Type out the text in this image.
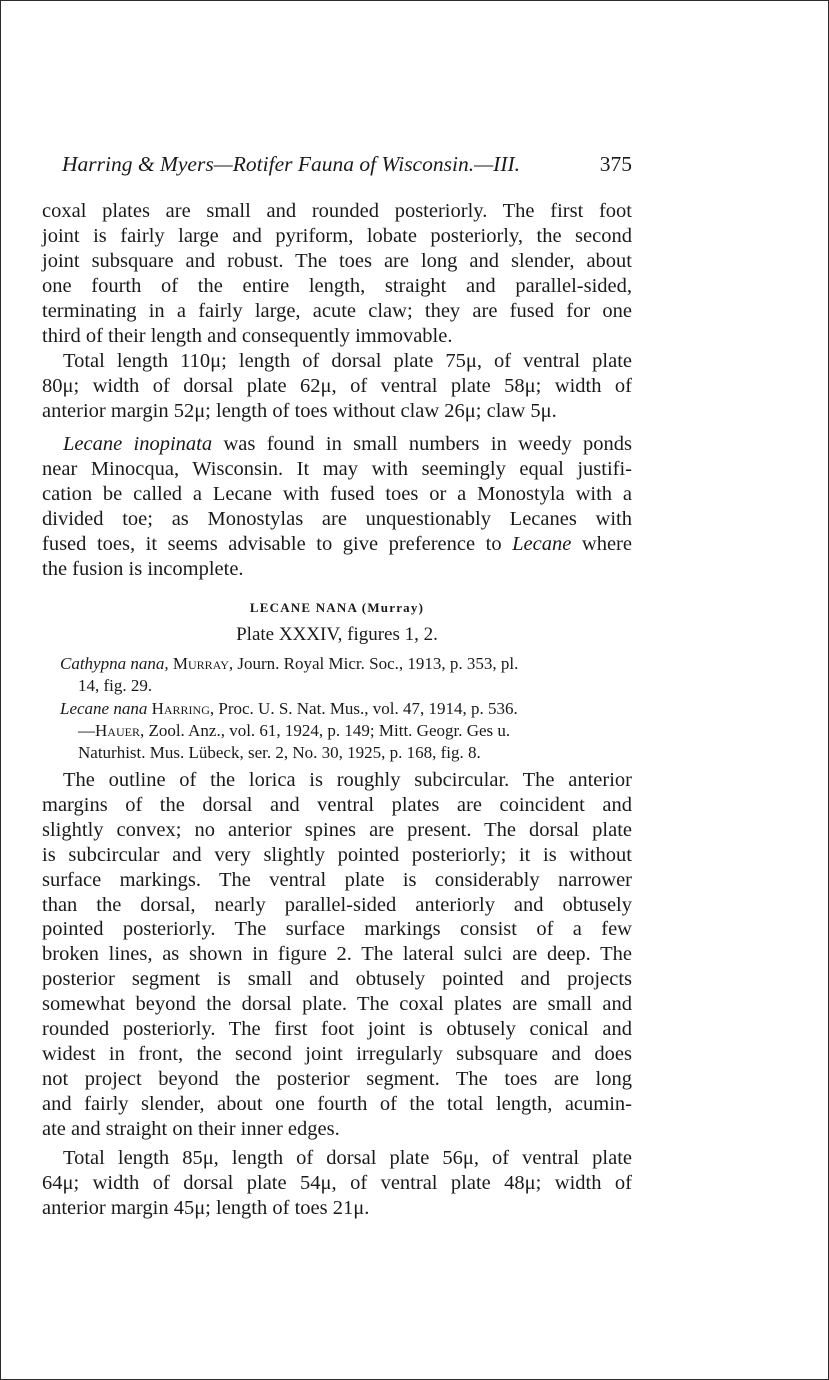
Harring & Myers—Rotifer Fauna of Wisconsin.—III.	375

coxal plates are small and rounded posteriorly. The first foot
joint is fairly large and pyriform, lobate posteriorly, the second
joint subsquare and robust. The toes are long and slender, about
one fourth of the entire length, straight and parallel-sided,
terminating in a fairly large, acute claw; they are fused for one
third of their length and consequently immovable.

Total length 110μ; length of dorsal plate 75μ, of ventral plate
80μ; width of dorsal plate 62μ, of ventral plate 58μ; width of
anterior margin 52μ; length of toes without claw 26μ; claw 5μ.

Lecane inopinata was found in small numbers in weedy ponds
near Minocqua, Wisconsin. It may with seemingly equal justifi-
cation be called a Lecane with fused toes or a Monostyla with a
divided toe; as Monostylas are unquestionably Lecanes with
fused toes, it seems advisable to give preference to Lecane where
the fusion is incomplete.

LECANE NANA (Murray)
Plate XXXIV, figures 1, 2.

Cathypna nana, Murray, Journ. Royal Micr. Soc., 1913, p. 353, pl.
14, fig. 29.
Lecane nana Harring, Proc. U. S. Nat. Mus., vol. 47, 1914, p. 536.
—Hauer, Zool. Anz., vol. 61, 1924, p. 149; Mitt. Geogr. Ges u.
Naturhist. Mus. Lübeck, ser. 2, No. 30, 1925, p. 168, fig. 8.

The outline of the lorica is roughly subcircular. The anterior
margins of the dorsal and ventral plates are coincident and
slightly convex; no anterior spines are present. The dorsal plate
is subcircular and very slightly pointed posteriorly; it is without
surface markings. The ventral plate is considerably narrower
than the dorsal, nearly parallel-sided anteriorly and obtusely
pointed posteriorly. The surface markings consist of a few
broken lines, as shown in figure 2. The lateral sulci are deep. The
posterior segment is small and obtusely pointed and projects
somewhat beyond the dorsal plate. The coxal plates are small and
rounded posteriorly. The first foot joint is obtusely conical and
widest in front, the second joint irregularly subsquare and does
not project beyond the posterior segment. The toes are long
and fairly slender, about one fourth of the total length, acumin-
ate and straight on their inner edges.

Total length 85μ, length of dorsal plate 56μ, of ventral plate
64μ; width of dorsal plate 54μ, of ventral plate 48μ; width of
anterior margin 45μ; length of toes 21μ.
